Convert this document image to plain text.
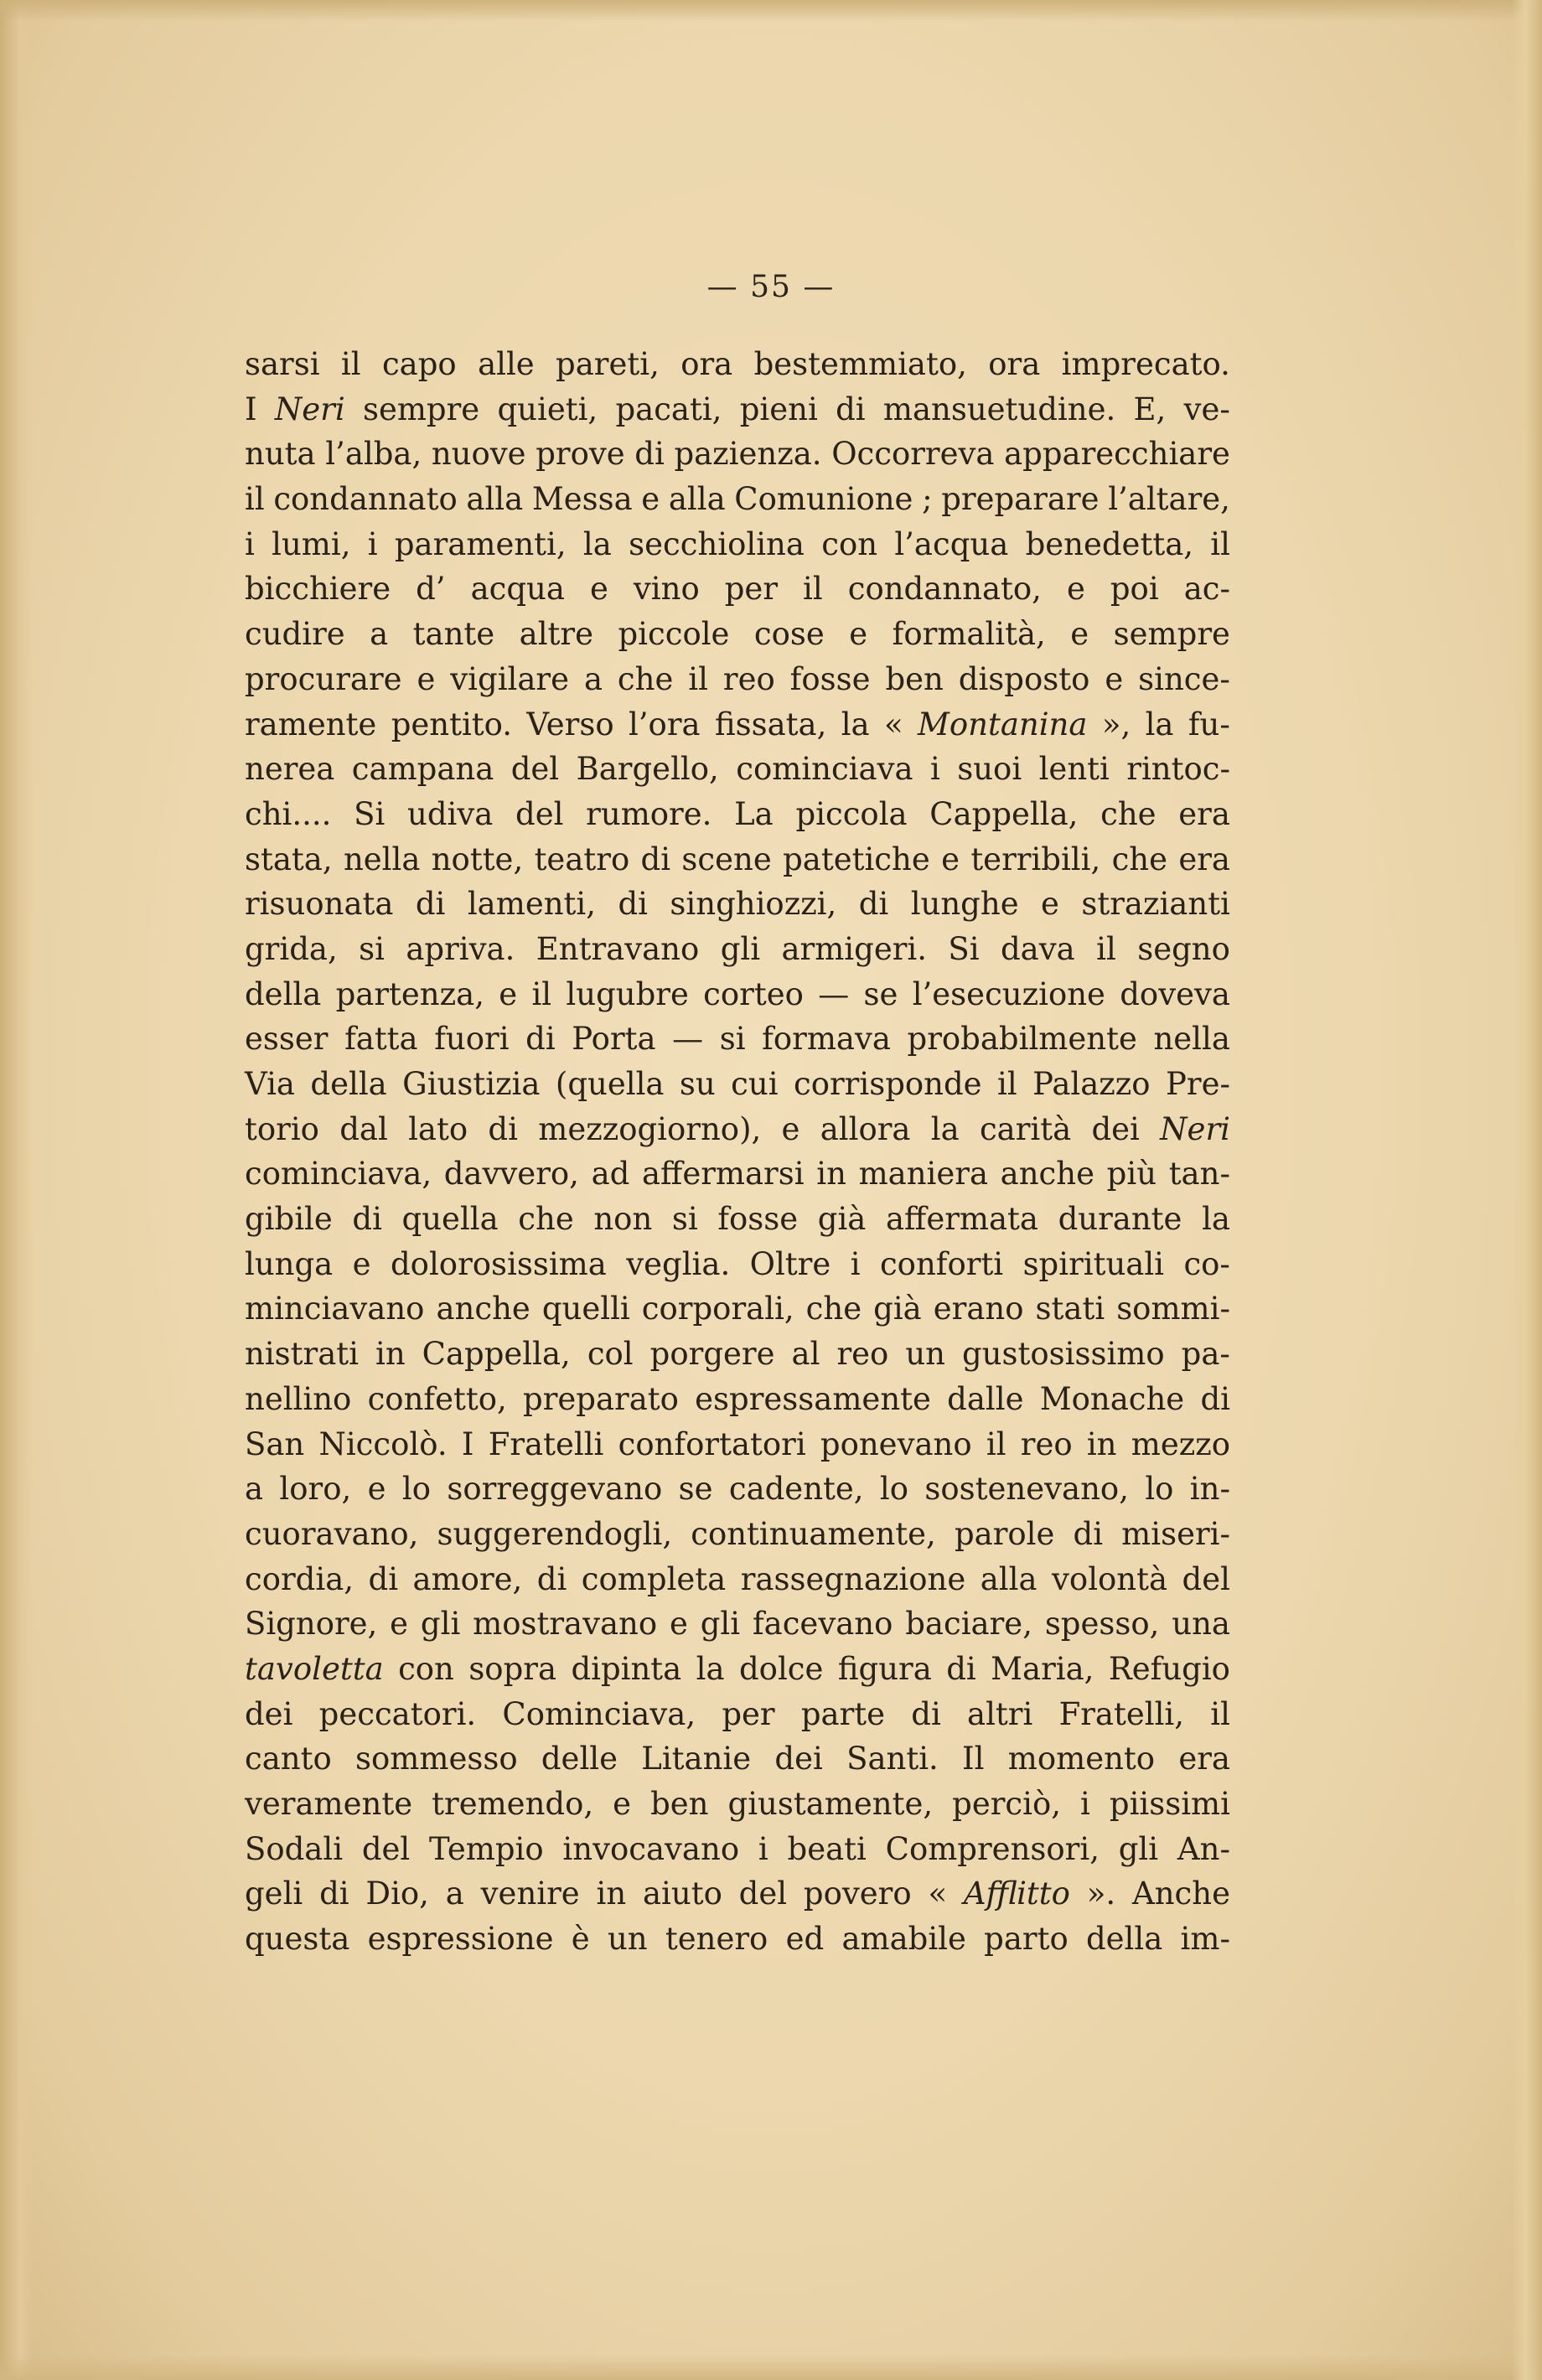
— 55 —
sarsi il capo alle pareti, ora bestemmiato, ora imprecato.
I Neri sempre quieti, pacati, pieni di mansuetudine. E, ve-
nuta l’alba, nuove prove di pazienza. Occorreva apparecchiare
il condannato alla Messa e alla Comunione ; preparare l’altare,
i lumi, i paramenti, la secchiolina con l’acqua benedetta, il
bicchiere d’ acqua e vino per il condannato, e poi ac-
cudire a tante altre piccole cose e formalità, e sempre
procurare e vigilare a che il reo fosse ben disposto e since-
ramente pentito. Verso l’ora fissata, la « Montanina », la fu-
nerea campana del Bargello, cominciava i suoi lenti rintoc-
chi.... Si udiva del rumore. La piccola Cappella, che era
stata, nella notte, teatro di scene patetiche e terribili, che era
risuonata di lamenti, di singhiozzi, di lunghe e strazianti
grida, si apriva. Entravano gli armigeri. Si dava il segno
della partenza, e il lugubre corteo — se l’esecuzione doveva
esser fatta fuori di Porta — si formava probabilmente nella
Via della Giustizia (quella su cui corrisponde il Palazzo Pre-
torio dal lato di mezzogiorno), e allora la carità dei Neri
cominciava, davvero, ad affermarsi in maniera anche più tan-
gibile di quella che non si fosse già affermata durante la
lunga e dolorosissima veglia. Oltre i conforti spirituali co-
minciavano anche quelli corporali, che già erano stati sommi-
nistrati in Cappella, col porgere al reo un gustosissimo pa-
nellino confetto, preparato espressamente dalle Monache di
San Niccolò. I Fratelli confortatori ponevano il reo in mezzo
a loro, e lo sorreggevano se cadente, lo sostenevano, lo in-
cuoravano, suggerendogli, continuamente, parole di miseri-
cordia, di amore, di completa rassegnazione alla volontà del
Signore, e gli mostravano e gli facevano baciare, spesso, una
tavoletta con sopra dipinta la dolce figura di Maria, Refugio
dei peccatori. Cominciava, per parte di altri Fratelli, il
canto sommesso delle Litanie dei Santi. Il momento era
veramente tremendo, e ben giustamente, perciò, i piissimi
Sodali del Tempio invocavano i beati Comprensori, gli An-
geli di Dio, a venire in aiuto del povero « Afflitto ». Anche
questa espressione è un tenero ed amabile parto della im-
